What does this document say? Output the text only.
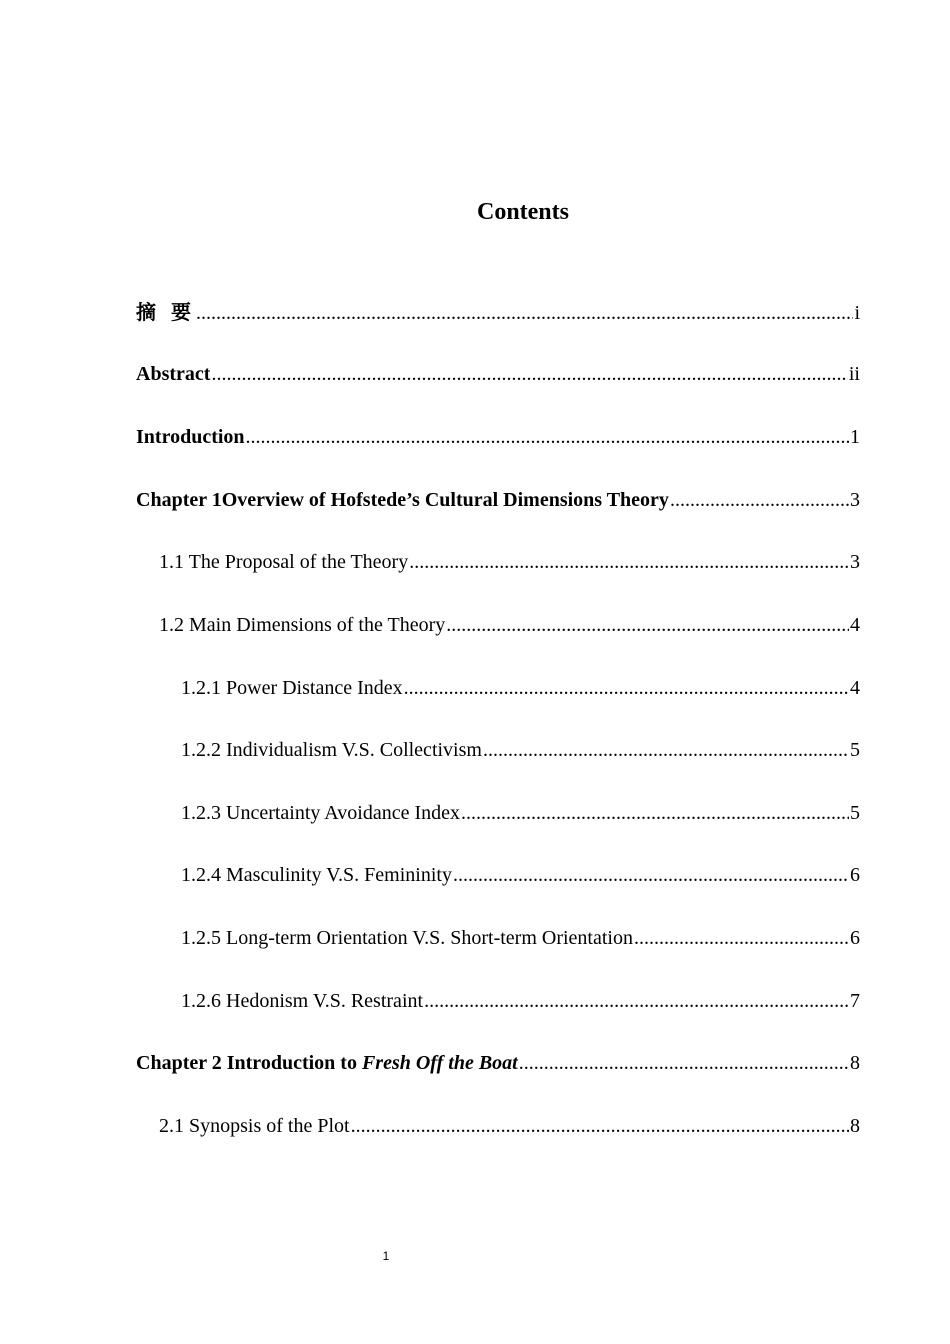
Contents
摘 要 .....	i
Abstract .....	ii
Introduction .....	1
Chapter 1Overview of Hofstede’s Cultural Dimensions Theory .....	3
1.1 The Proposal of the Theory .....	3
1.2 Main Dimensions of the Theory .....	4
1.2.1 Power Distance Index .....	4
1.2.2 Individualism V.S. Collectivism .....	5
1.2.3 Uncertainty Avoidance Index .....	5
1.2.4 Masculinity V.S. Femininity .....	6
1.2.5 Long-term Orientation V.S. Short-term Orientation .....	6
1.2.6 Hedonism V.S. Restraint .....	7
Chapter 2 Introduction to Fresh Off the Boat .....	8
2.1 Synopsis of the Plot .....	8
1
